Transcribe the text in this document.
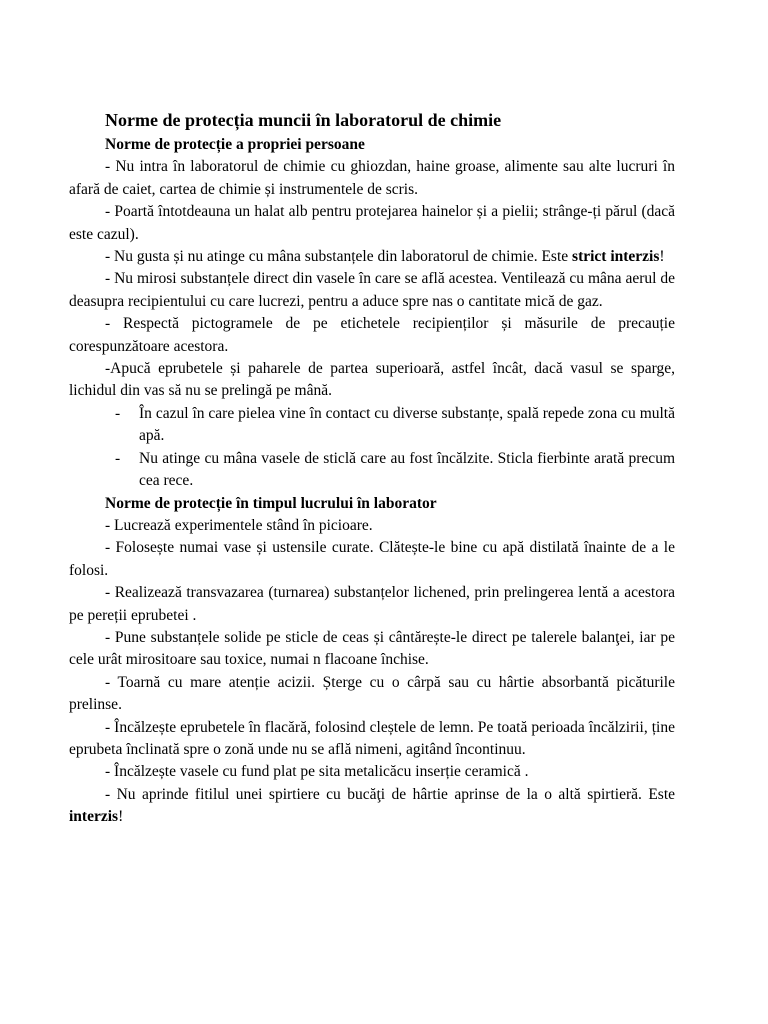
Norme de protecția muncii în laboratorul de chimie
Norme de protecție a propriei persoane

- Nu intra în laboratorul de chimie cu ghiozdan, haine groase, alimente sau alte lucruri în afară de caiet, cartea de chimie și instrumentele de scris.

- Poartă întotdeauna un halat alb pentru protejarea hainelor și a pielii; strânge-ți părul (dacă este cazul).

- Nu gusta și nu atinge cu mâna substanțele din laboratorul de chimie. Este strict interzis!

- Nu mirosi substanțele direct din vasele în care se află acestea. Ventilează cu mâna aerul de deasupra recipientului cu care lucrezi, pentru a aduce spre nas o cantitate mică de gaz.

- Respectă pictogramele de pe etichetele recipienților și măsurile de precauție corespunzătoare acestora.

-Apucă eprubetele și paharele de partea superioară, astfel încât, dacă vasul se sparge, lichidul din vas să nu se prelingă pe mână.

- În cazul în care pielea vine în contact cu diverse substanțe, spală repede zona cu multă apă.

- Nu atinge cu mâna vasele de sticlă care au fost încălzite. Sticla fierbinte arată precum cea rece.

Norme de protecție în timpul lucrului în laborator

- Lucrează experimentele stând în picioare.

- Folosește numai vase și ustensile curate. Clătește-le bine cu apă distilată înainte de a le folosi.

- Realizează transvazarea (turnarea) substanțelor lichened, prin prelingerea lentă a acestora pe pereții eprubetei .

- Pune substanțele solide pe sticle de ceas și cântărește-le direct pe talerele balanţei, iar pe cele urât mirositoare sau toxice, numai n flacoane închise.

- Toarnă cu mare atenție acizii. Șterge cu o cârpă sau cu hârtie absorbantă picăturile prelinse.

- Încălzește eprubetele în flacără, folosind cleștele de lemn. Pe toată perioada încălzirii, ține eprubeta înclinată spre o zonă unde nu se află nimeni, agitând încontinuu.

- Încălzește vasele cu fund plat pe sita metalicăcu inserție ceramică .

- Nu aprinde fitilul unei spirtiere cu bucăţi de hârtie aprinse de la o altă spirtieră. Este interzis!
